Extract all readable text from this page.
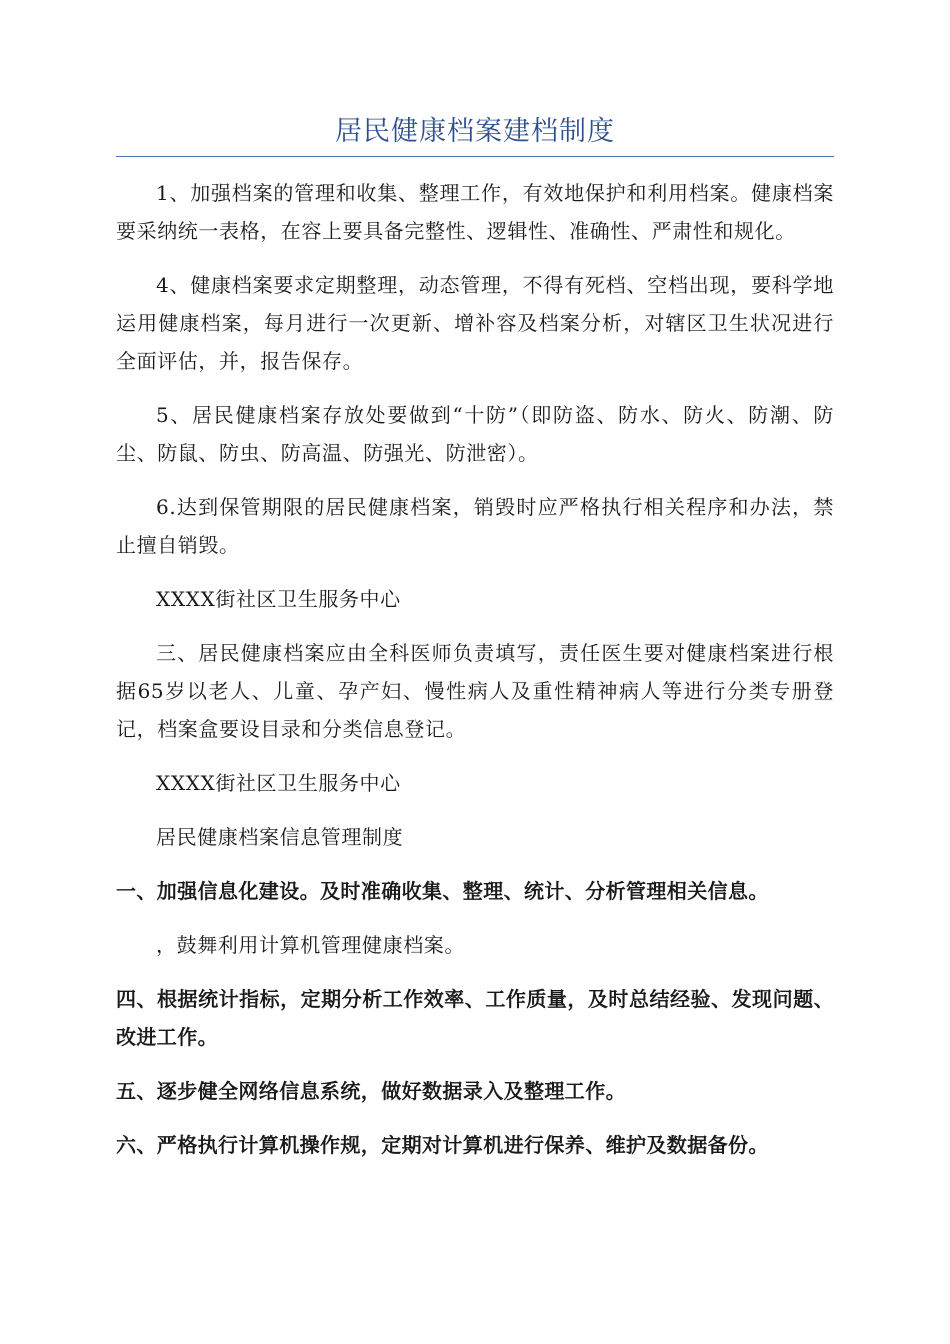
居民健康档案建档制度

1、加强档案的管理和收集、整理工作，有效地保护和利用档案。健康档案要采纳统一表格，在容上要具备完整性、逻辑性、准确性、严肃性和规化。

4、健康档案要求定期整理，动态管理，不得有死档、空档出现，要科学地运用健康档案，每月进行一次更新、增补容及档案分析，对辖区卫生状况进行全面评估，并，报告保存。

5、居民健康档案存放处要做到“十防”（即防盗、防水、防火、防潮、防尘、防鼠、防虫、防高温、防强光、防泄密）。

6.达到保管期限的居民健康档案，销毁时应严格执行相关程序和办法，禁止擅自销毁。

XXXX街社区卫生服务中心

三、居民健康档案应由全科医师负责填写，责任医生要对健康档案进行根据65岁以老人、儿童、孕产妇、慢性病人及重性精神病人等进行分类专册登记，档案盒要设目录和分类信息登记。

XXXX街社区卫生服务中心

居民健康档案信息管理制度

一、加强信息化建设。及时准确收集、整理、统计、分析管理相关信息。

，鼓舞利用计算机管理健康档案。

四、根据统计指标，定期分析工作效率、工作质量，及时总结经验、发现问题、改进工作。

五、逐步健全网络信息系统，做好数据录入及整理工作。

六、严格执行计算机操作规，定期对计算机进行保养、维护及数据备份。
